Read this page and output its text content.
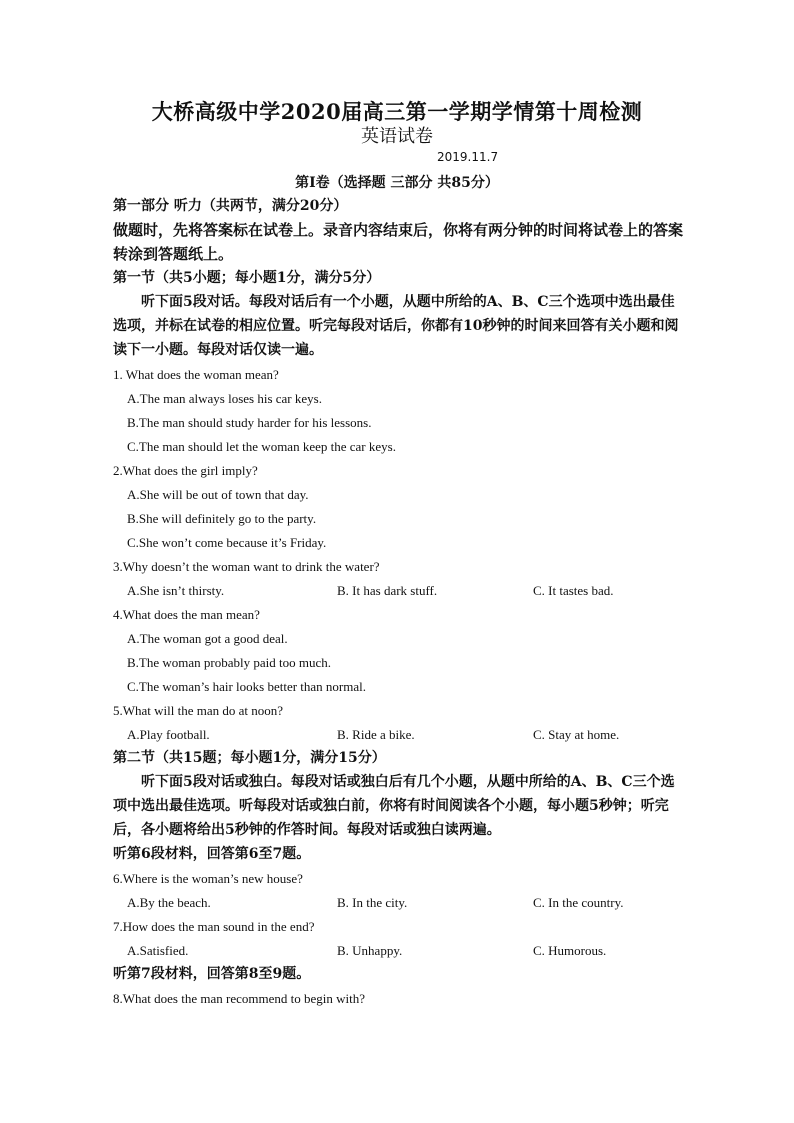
大桥高级中学2020届高三第一学期学情第十周检测
英语试卷
2019.11.7
第I卷（选择题 三部分 共85分）
第一部分 听力（共两节，满分20分）
做题时，先将答案标在试卷上。录音内容结束后，你将有两分钟的时间将试卷上的答案转涂到答题纸上。
第一节（共5小题；每小题1分，满分5分）
听下面5段对话。每段对话后有一个小题，从题中所给的A、B、C三个选项中选出最佳选项，并标在试卷的相应位置。听完每段对话后，你都有10秒钟的时间来回答有关小题和阅读下一小题。每段对话仅读一遍。
1. What does the woman mean?
A.The man always loses his car keys.
B.The man should study harder for his lessons.
C.The man should let the woman keep the car keys.
2.What does the girl imply?
A.She will be out of town that day.
B.She will definitely go to the party.
C.She won’t come because it’s Friday.
3.Why doesn’t the woman want to drink the water?
A.She isn’t thirsty.	B. It has dark stuff.	C. It tastes bad.
4.What does the man mean?
A.The woman got a good deal.
B.The woman probably paid too much.
C.The woman’s hair looks better than normal.
5.What will the man do at noon?
A.Play football.	B. Ride a bike.	C. Stay at home.
第二节（共15题；每小题1分，满分15分）
听下面5段对话或独白。每段对话或独白后有几个小题，从题中所给的A、B、C三个选项中选出最佳选项。听每段对话或独白前，你将有时间阅读各个小题，每小题5秒钟；听完后，各小题将给出5秒钟的作答时间。每段对话或独白读两遍。
听第6段材料，回答第6至7题。
6.Where is the woman’s new house?
A.By the beach.	B. In the city.	C. In the country.
7.How does the man sound in the end?
A.Satisfied.	B. Unhappy.	C. Humorous.
听第7段材料，回答第8至9题。
8.What does the man recommend to begin with?
